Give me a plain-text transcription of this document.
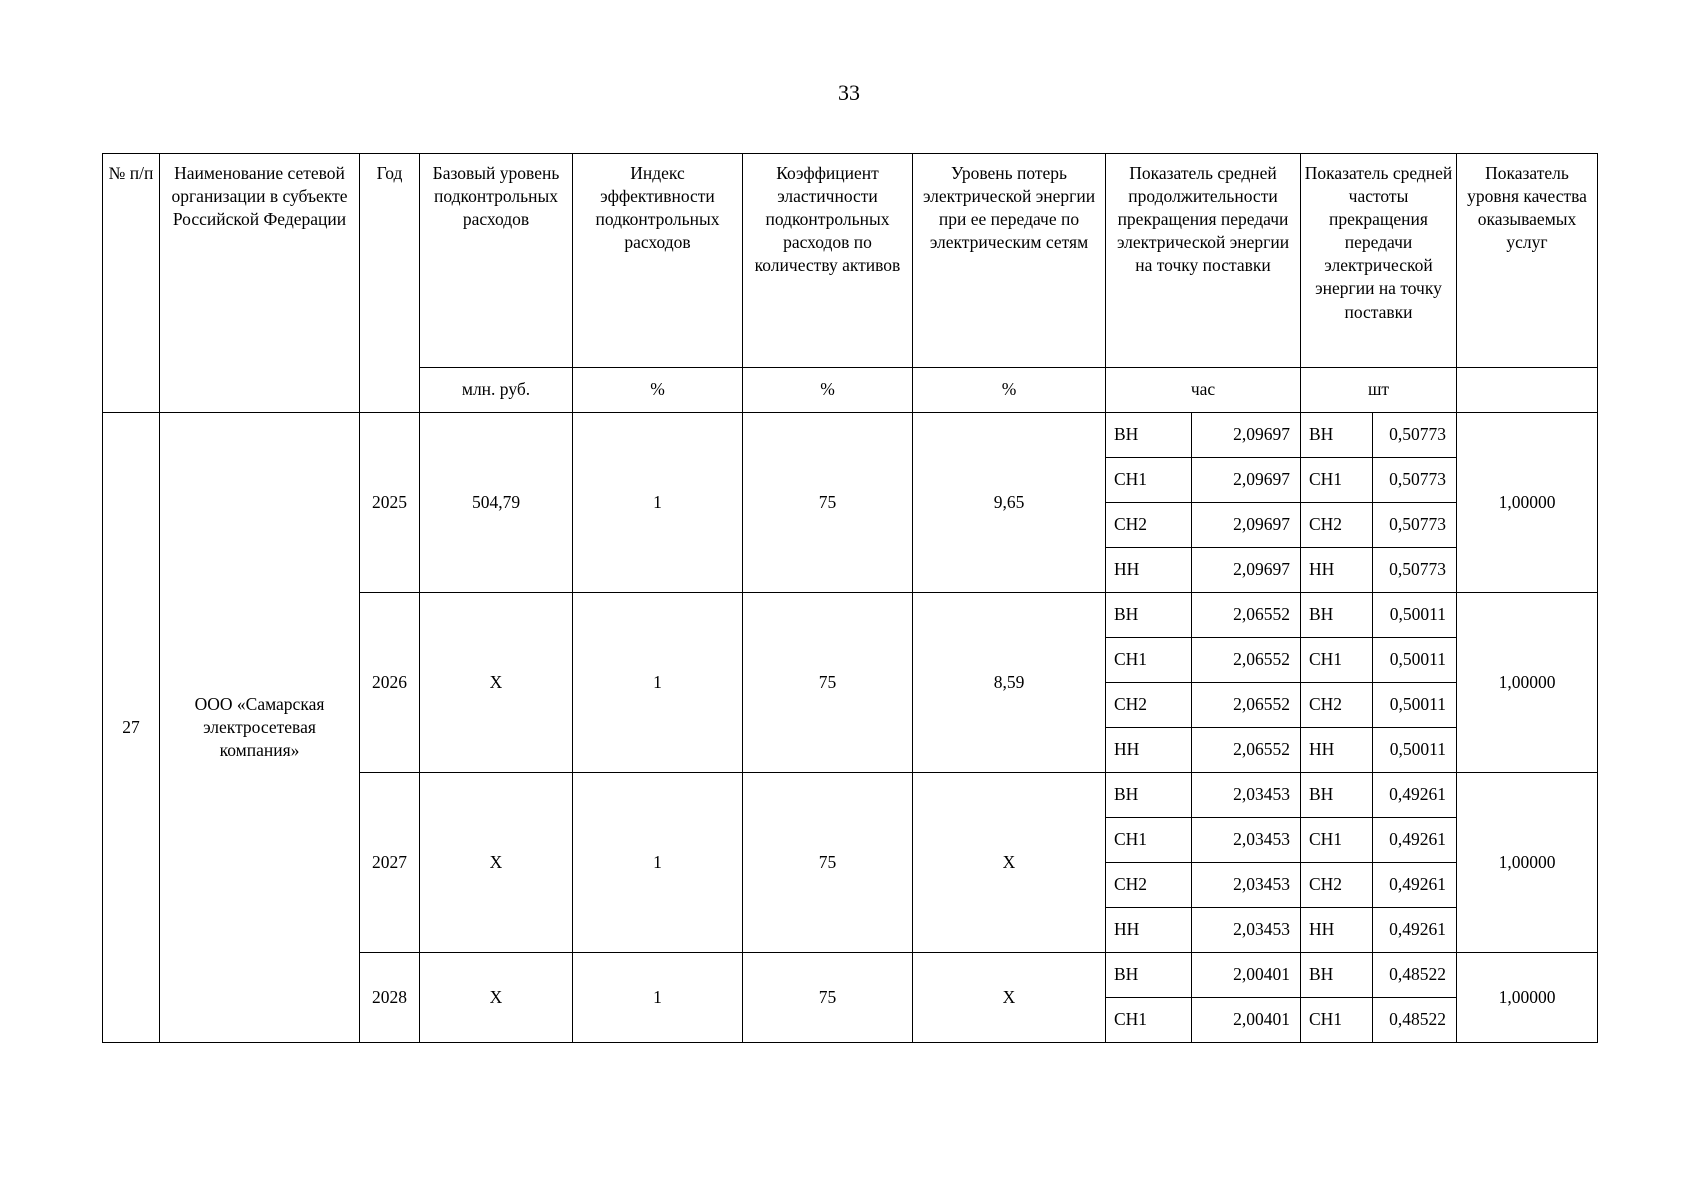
33
№ п/п	Наименование сетевой организации в субъекте Российской Федерации	Год	Базовый уровень подконтрольных расходов	Индекс эффективности подконтрольных расходов	Коэффициент эластичности подконтрольных расходов по количеству активов	Уровень потерь электрической энергии при ее передаче по электрическим сетям	Показатель средней продолжительности прекращения передачи электрической энергии на точку поставки		Показатель средней частоты прекращения передачи электрической энергии на точку поставки		Показатель уровня качества оказываемых услуг
			млн. руб.	%	%	%	час		шт		
27	ООО «Самарская электросетевая компания»	2025	504,79	1	75	9,65	ВН	2,09697	ВН	0,50773	1,00000
							СН1	2,09697	СН1	0,50773	
							СН2	2,09697	СН2	0,50773	
							НН	2,09697	НН	0,50773	
		2026	X	1	75	8,59	ВН	2,06552	ВН	0,50011	1,00000
							СН1	2,06552	СН1	0,50011	
							СН2	2,06552	СН2	0,50011	
							НН	2,06552	НН	0,50011	
		2027	X	1	75	X	ВН	2,03453	ВН	0,49261	1,00000
							СН1	2,03453	СН1	0,49261	
							СН2	2,03453	СН2	0,49261	
							НН	2,03453	НН	0,49261	
		2028	X	1	75	X	ВН	2,00401	ВН	0,48522	1,00000
							СН1	2,00401	СН1	0,48522	
